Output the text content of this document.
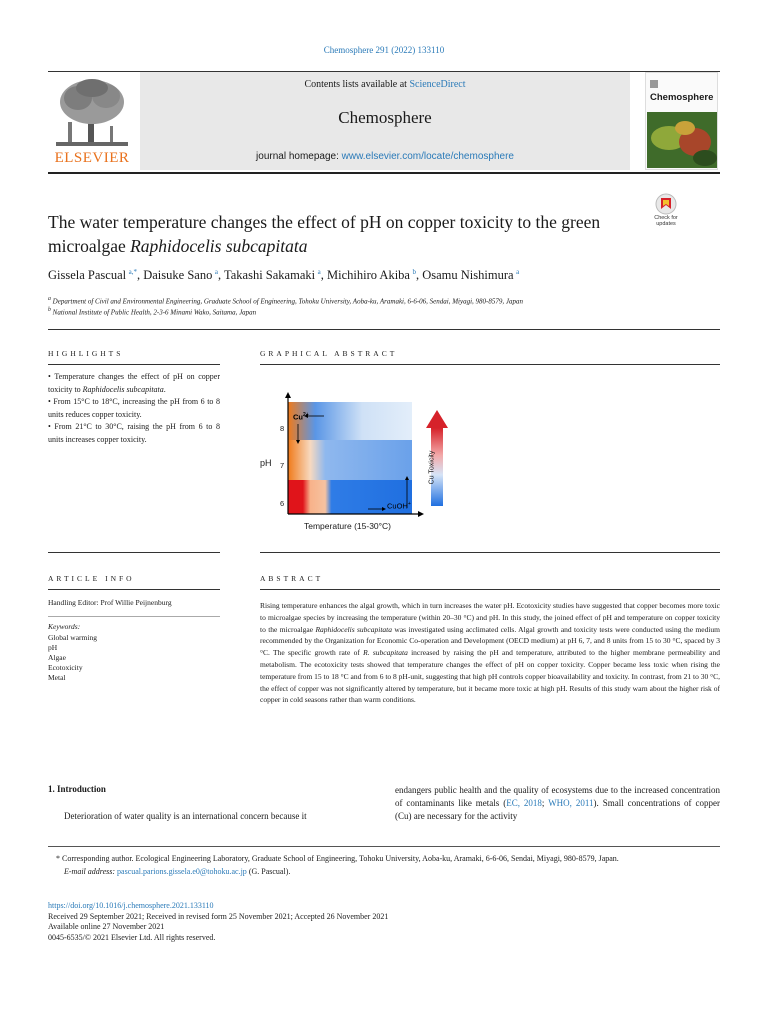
Chemosphere 291 (2022) 133110
ELSEVIER
Contents lists available at ScienceDirect
Chemosphere
journal homepage: www.elsevier.com/locate/chemosphere
Chemosphere
The water temperature changes the effect of pH on copper toxicity to the green microalgae Raphidocelis subcapitata
Check for updates
Gissela Pascual  $^{a,*}$, Daisuke Sano  $^a$, Takashi Sakamaki  $^a$, Michihiro Akiba  $^b$, Osamu Nishimura  $^a$
$^a$ Department of Civil and Environmental Engineering, Graduate School of Engineering, Tohoku University, Aoba-ku, Aramaki, 6-6-06, Sendai, Miyagi, 980-8579, Japan
$^b$ National Institute of Public Health, 2-3-6 Minami Wako, Saitama, Japan
HIGHLIGHTS
• Temperature changes the effect of pH on copper toxicity to Raphidocelis subcapitata.
• From 15°C to 18°C, increasing the pH from 6 to 8 units reduces copper toxicity.
• From 21°C to 30°C, raising the pH from 6 to 8 units increases copper toxicity.
GRAPHICAL ABSTRACT
pH
8
7
6
$Cu^{2+}$
CuOH+
Temperature (15-30°C)
Cu Toxicity
ARTICLE INFO
Handling Editor: Prof Willie Peijnenburg
Keywords:
Global warming
pH
Algae
Ecotoxicity
Metal
ABSTRACT
Rising temperature enhances the algal growth, which in turn increases the water pH. Ecotoxicity studies have suggested that copper becomes more toxic to microalgae species by increasing the temperature (within 20–30 °C) and pH. In this study, the joined effect of pH and temperature on copper toxicity to the microalgae Raphidocelis subcapitata was investigated using acclimated cells. Algal growth and toxicity tests were conducted using the medium recommended by the Organization for Economic Co-operation and Development (OECD medium) at pH 6, 7, and 8 units from 15 to 30 °C, spaced by 3 °C. The specific growth rate of R. subcapitata increased by raising the pH and temperature, attributed to the higher membrane permeability and metabolism. The ecotoxicity tests showed that temperature changes the effect of pH on copper toxicity. Copper became less toxic when rising the temperature from 15 to 18 °C and from 6 to 8 pH-unit, suggesting that high pH controls copper bioavailability and toxicity. In contrast, from 21 to 30 °C, the effect of copper was not significantly altered by temperature, but it became more toxic at high pH. Results of this study warn about the higher risk of copper in cold seasons rather than warm conditions.
1. Introduction
Deterioration of water quality is an international concern because it
endangers public health and the quality of ecosystems due to the increased concentration of contaminants like metals (EC, 2018; WHO, 2011). Small concentrations of copper (Cu) are necessary for the activity
* Corresponding author. Ecological Engineering Laboratory, Graduate School of Engineering, Tohoku University, Aoba-ku, Aramaki, 6-6-06, Sendai, Miyagi, 980-8579, Japan.
E-mail address: pascual.parions.gissela.e0@tohoku.ac.jp (G. Pascual).
https://doi.org/10.1016/j.chemosphere.2021.133110
Received 29 September 2021; Received in revised form 25 November 2021; Accepted 26 November 2021
Available online 27 November 2021
0045-6535/© 2021 Elsevier Ltd. All rights reserved.
